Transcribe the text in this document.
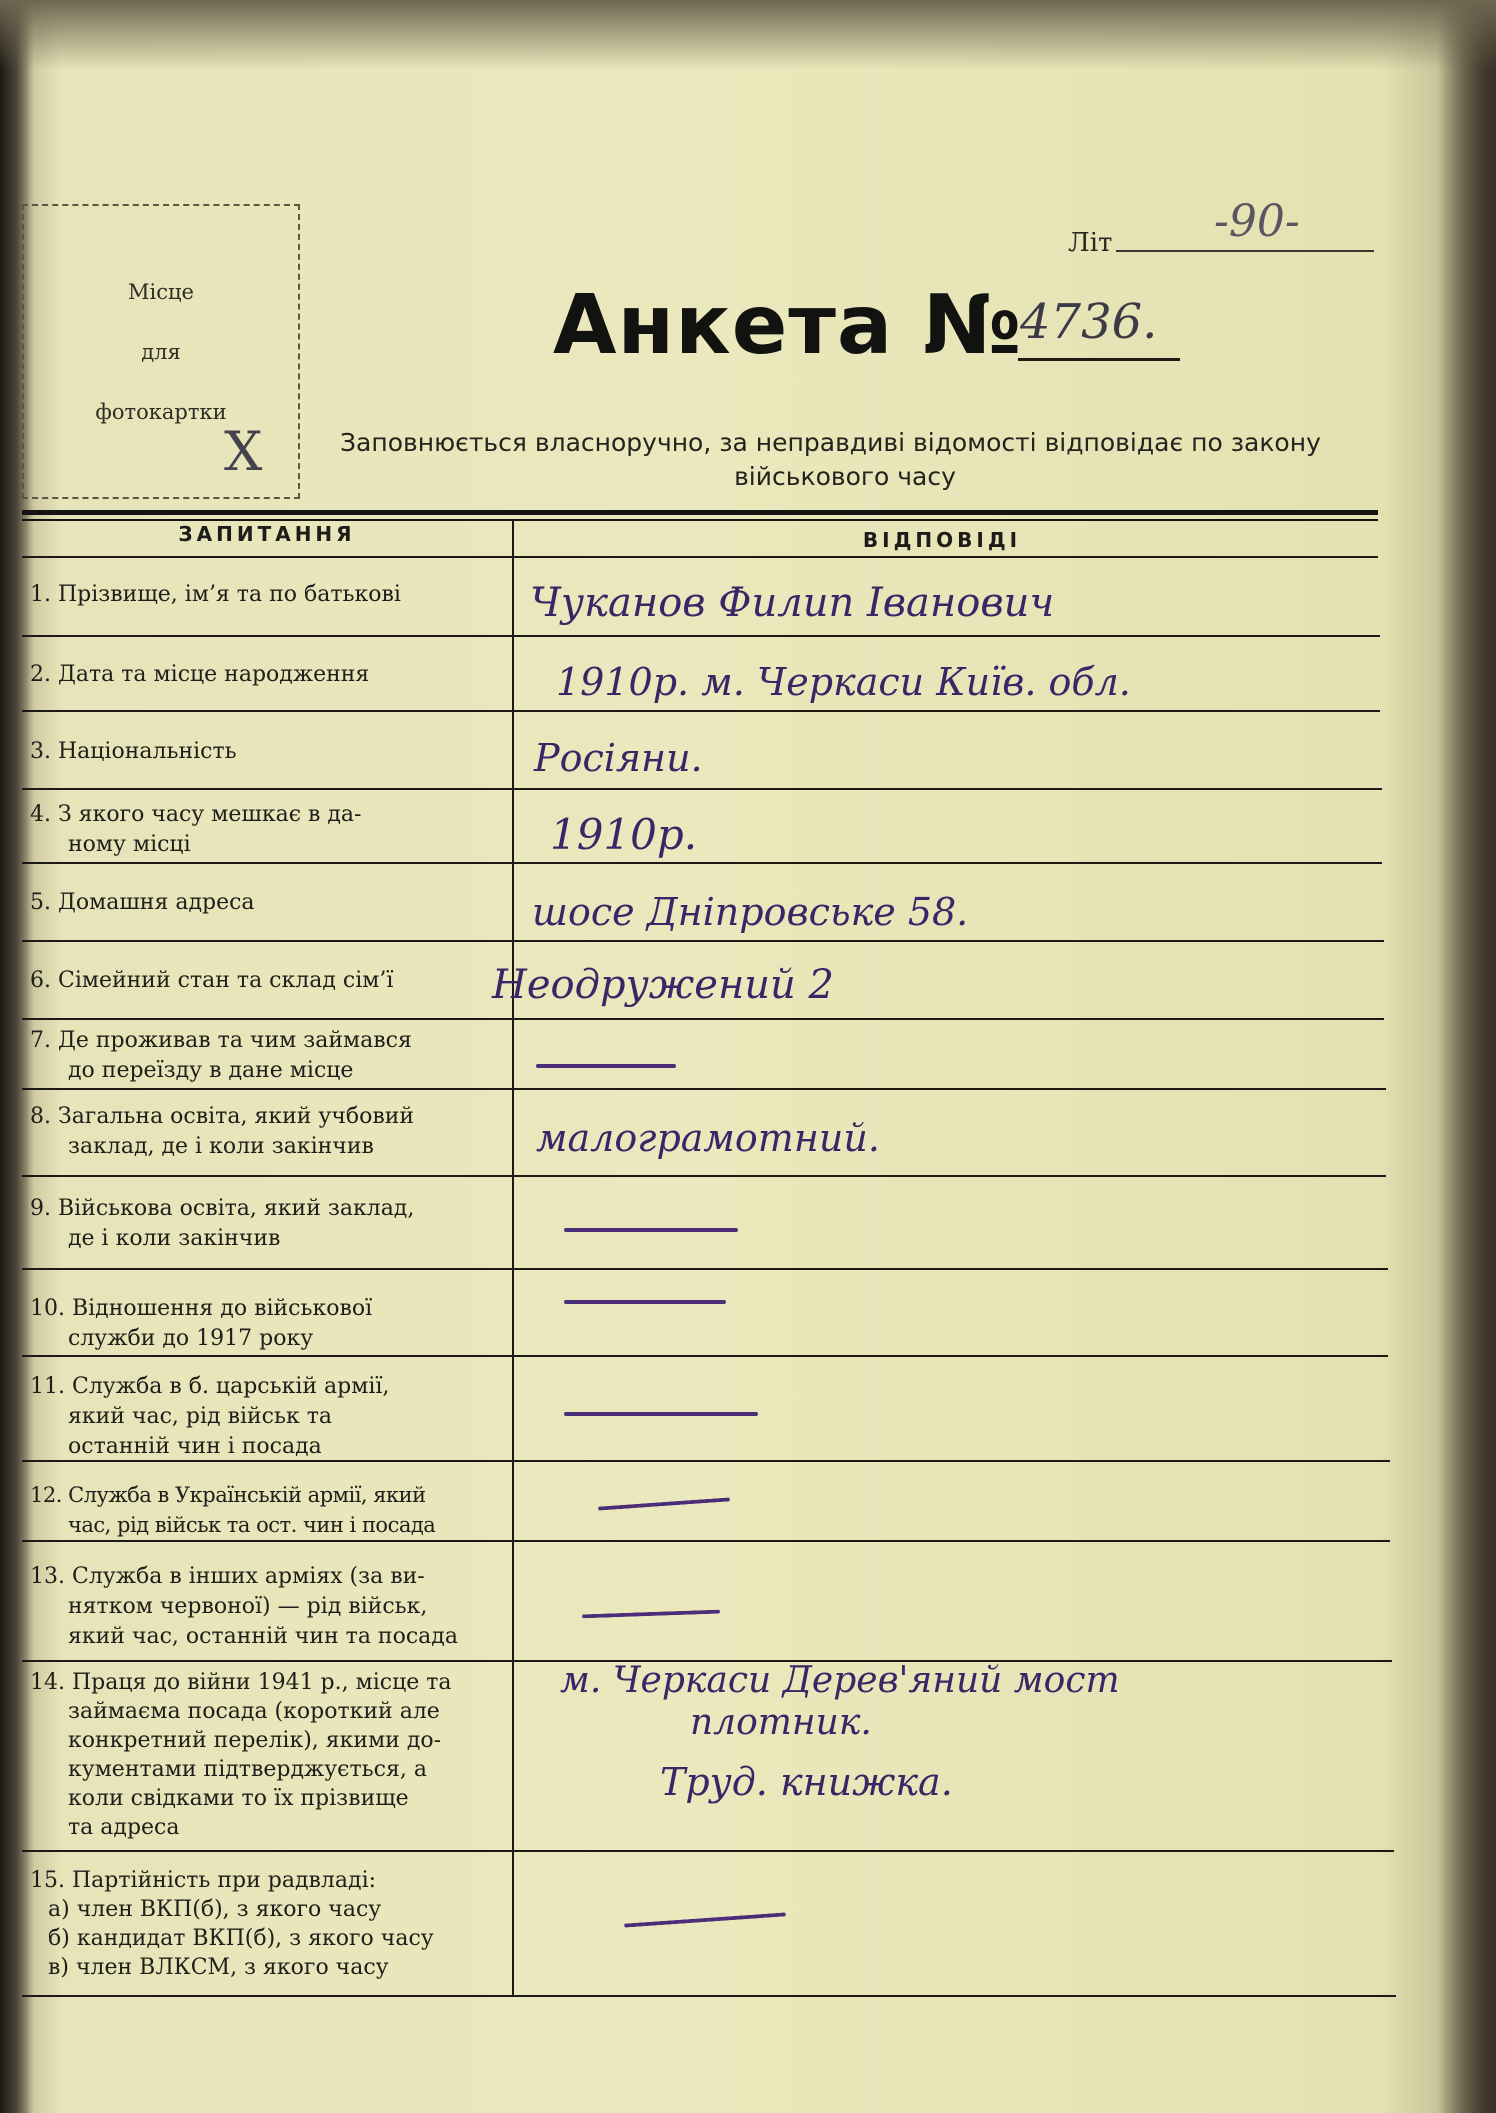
Місце
для
фотокартки
X
Літ -90-
Анкета №
4736.
Заповнюється власноручно, за неправдиві відомості відповідає по закону
військового часу
ЗАПИТАННЯ	ВІДПОВІДІ
1. Прізвище, ім’я та по батькові
2. Дата та місце народження
3. Національність
4. З якого часу мешкає в да-
ному місці
5. Домашня адреса
6. Сімейний стан та склад сім’ї
7. Де проживав та чим займався
до переїзду в дане місце
8. Загальна освіта, який учбовий
заклад, де і коли закінчив
9. Військова освіта, який заклад,
де і коли закінчив
10. Відношення до військової
служби до 1917 року
11. Служба в б. царській армії,
який час, рід військ та
останній чин і посада
12. Служба в Українській армії, який
час, рід військ та ост. чин і посада
13. Служба в інших арміях (за ви-
нятком червоної) — рід військ,
який час, останній чин та посада
14. Праця до війни 1941 р., місце та
займаєма посада (короткий але
конкретний перелік), якими до-
кументами підтверджується, а
коли свідками то їх прізвище
та адреса
15. Партійність при радвладі:
а) член ВКП(б), з якого часу
б) кандидат ВКП(б), з якого часу
в) член ВЛКСМ, з якого часу
Чуканов Филип Іванович
1910р. м. Черкаси Київ. обл.
Росіяни.
1910р.
шосе Дніпровське 58.
Неодружений 2
малограмотний.
м. Черкаси Дерев'яний мост
плотник.
Труд. книжка.
